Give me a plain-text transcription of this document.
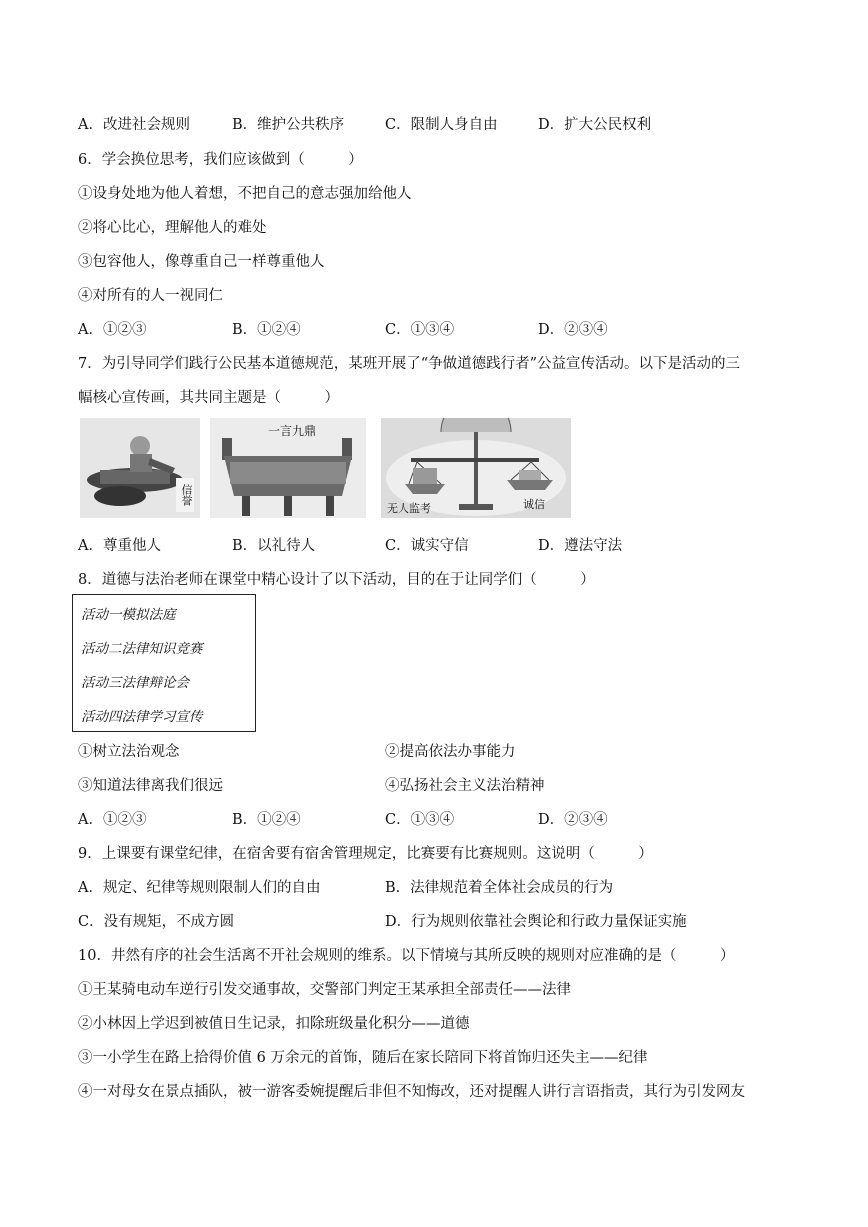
A．改进社会规则	B．维护公共秩序	C．限制人身自由	D．扩大公民权利
6．学会换位思考，我们应该做到（　　　）
①设身处地为他人着想，不把自己的意志强加给他人
②将心比心，理解他人的难处
③包容他人，像尊重自己一样尊重他人
④对所有的人一视同仁
A．①②③	B．①②④	C．①③④	D．②③④
7．为引导同学们践行公民基本道德规范，某班开展了“争做道德践行者”公益宣传活动。以下是活动的三
幅核心宣传画，其共同主题是（　　　）
信誉
一言九鼎
无人监考	诚信
A．尊重他人	B．以礼待人	C．诚实守信	D．遵法守法
8．道德与法治老师在课堂中精心设计了以下活动，目的在于让同学们（　　　）
活动一模拟法庭
活动二法律知识竞赛
活动三法律辩论会
活动四法律学习宣传
①树立法治观念	②提高依法办事能力
③知道法律离我们很远	④弘扬社会主义法治精神
A．①②③	B．①②④	C．①③④	D．②③④
9．上课要有课堂纪律，在宿舍要有宿舍管理规定，比赛要有比赛规则。这说明（　　　）
A．规定、纪律等规则限制人们的自由	B．法律规范着全体社会成员的行为
C．没有规矩，不成方圆	D．行为规则依靠社会舆论和行政力量保证实施
10．井然有序的社会生活离不开社会规则的维系。以下情境与其所反映的规则对应准确的是（　　　）
①王某骑电动车逆行引发交通事故，交警部门判定王某承担全部责任——法律
②小林因上学迟到被值日生记录，扣除班级量化积分——道德
③一小学生在路上拾得价值 6 万余元的首饰，随后在家长陪同下将首饰归还失主——纪律
④一对母女在景点插队，被一游客委婉提醒后非但不知悔改，还对提醒人讲行言语指责，其行为引发网友
